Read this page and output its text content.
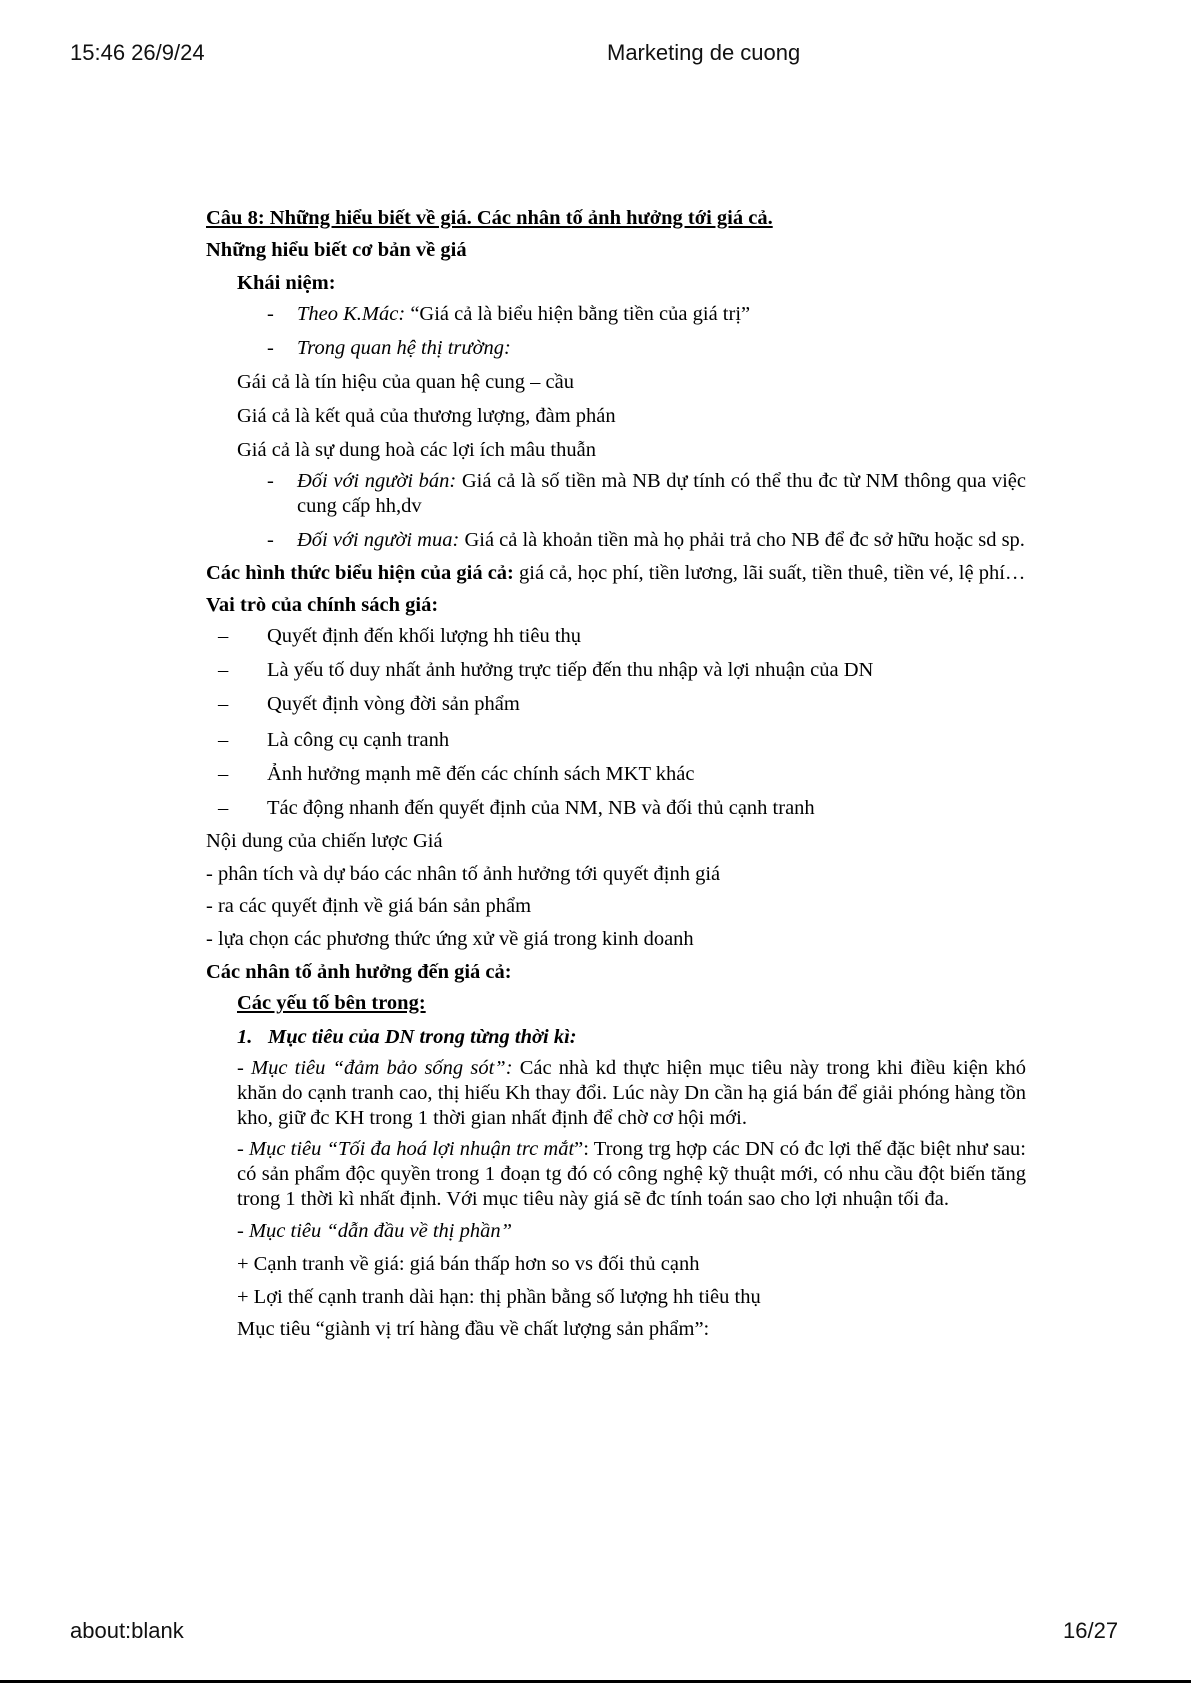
15:46 26/9/24	Marketing de cuong

Câu 8: Những hiểu biết về giá. Các nhân tố ảnh hưởng tới giá cả.

Những hiểu biết cơ bản về giá

Khái niệm:

-	Theo K.Mác: “Giá cả là biểu hiện bằng tiền của giá trị”
-	Trong quan hệ thị trường:

Gái cả là tín hiệu của quan hệ cung – cầu

Giá cả là kết quả của thương lượng, đàm phán

Giá cả là sự dung hoà các lợi ích mâu thuẫn

-	Đối với người bán: Giá cả là số tiền mà NB dự tính có thể thu đc từ NM thông qua việc cung cấp hh,dv
-	Đối với người mua: Giá cả là khoản tiền mà họ phải trả cho NB để đc sở hữu hoặc sd sp.

Các hình thức biểu hiện của giá cả: giá cả, học phí, tiền lương, lãi suất, tiền thuê, tiền vé, lệ phí…

Vai trò của chính sách giá:

–	Quyết định đến khối lượng hh tiêu thụ
–	Là yếu tố duy nhất ảnh hưởng trực tiếp đến thu nhập và lợi nhuận của DN
–	Quyết định vòng đời sản phẩm
–	Là công cụ cạnh tranh
–	Ảnh hưởng mạnh mẽ đến các chính sách MKT khác
–	Tác động nhanh đến quyết định của NM, NB và đối thủ cạnh tranh

Nội dung của chiến lược Giá

- phân tích và dự báo các nhân tố ảnh hưởng tới quyết định giá

- ra các quyết định về giá bán sản phẩm

- lựa chọn các phương thức ứng xử về giá trong kinh doanh

Các nhân tố ảnh hưởng đến giá cả:

Các yếu tố bên trong:

1. Mục tiêu của DN trong từng thời kì:

- Mục tiêu “đảm bảo sống sót”: Các nhà kd thực hiện mục tiêu này trong khi điều kiện khó khăn do cạnh tranh cao, thị hiếu Kh thay đổi. Lúc này Dn cần hạ giá bán để giải phóng hàng tồn kho, giữ đc KH trong 1 thời gian nhất định để chờ cơ hội mới.

- Mục tiêu “Tối đa hoá lợi nhuận trc mắt”: Trong trg hợp các DN có đc lợi thế đặc biệt như sau: có sản phẩm độc quyền trong 1 đoạn tg đó có công nghệ kỹ thuật mới, có nhu cầu đột biến tăng trong 1 thời kì nhất định. Với mục tiêu này giá sẽ đc tính toán sao cho lợi nhuận tối đa.

- Mục tiêu “dẫn đầu về thị phần”

+ Cạnh tranh về giá: giá bán thấp hơn so vs đối thủ cạnh

+ Lợi thế cạnh tranh dài hạn: thị phần bằng số lượng hh tiêu thụ

Mục tiêu “giành vị trí hàng đầu về chất lượng sản phẩm”:

about:blank	16/27
